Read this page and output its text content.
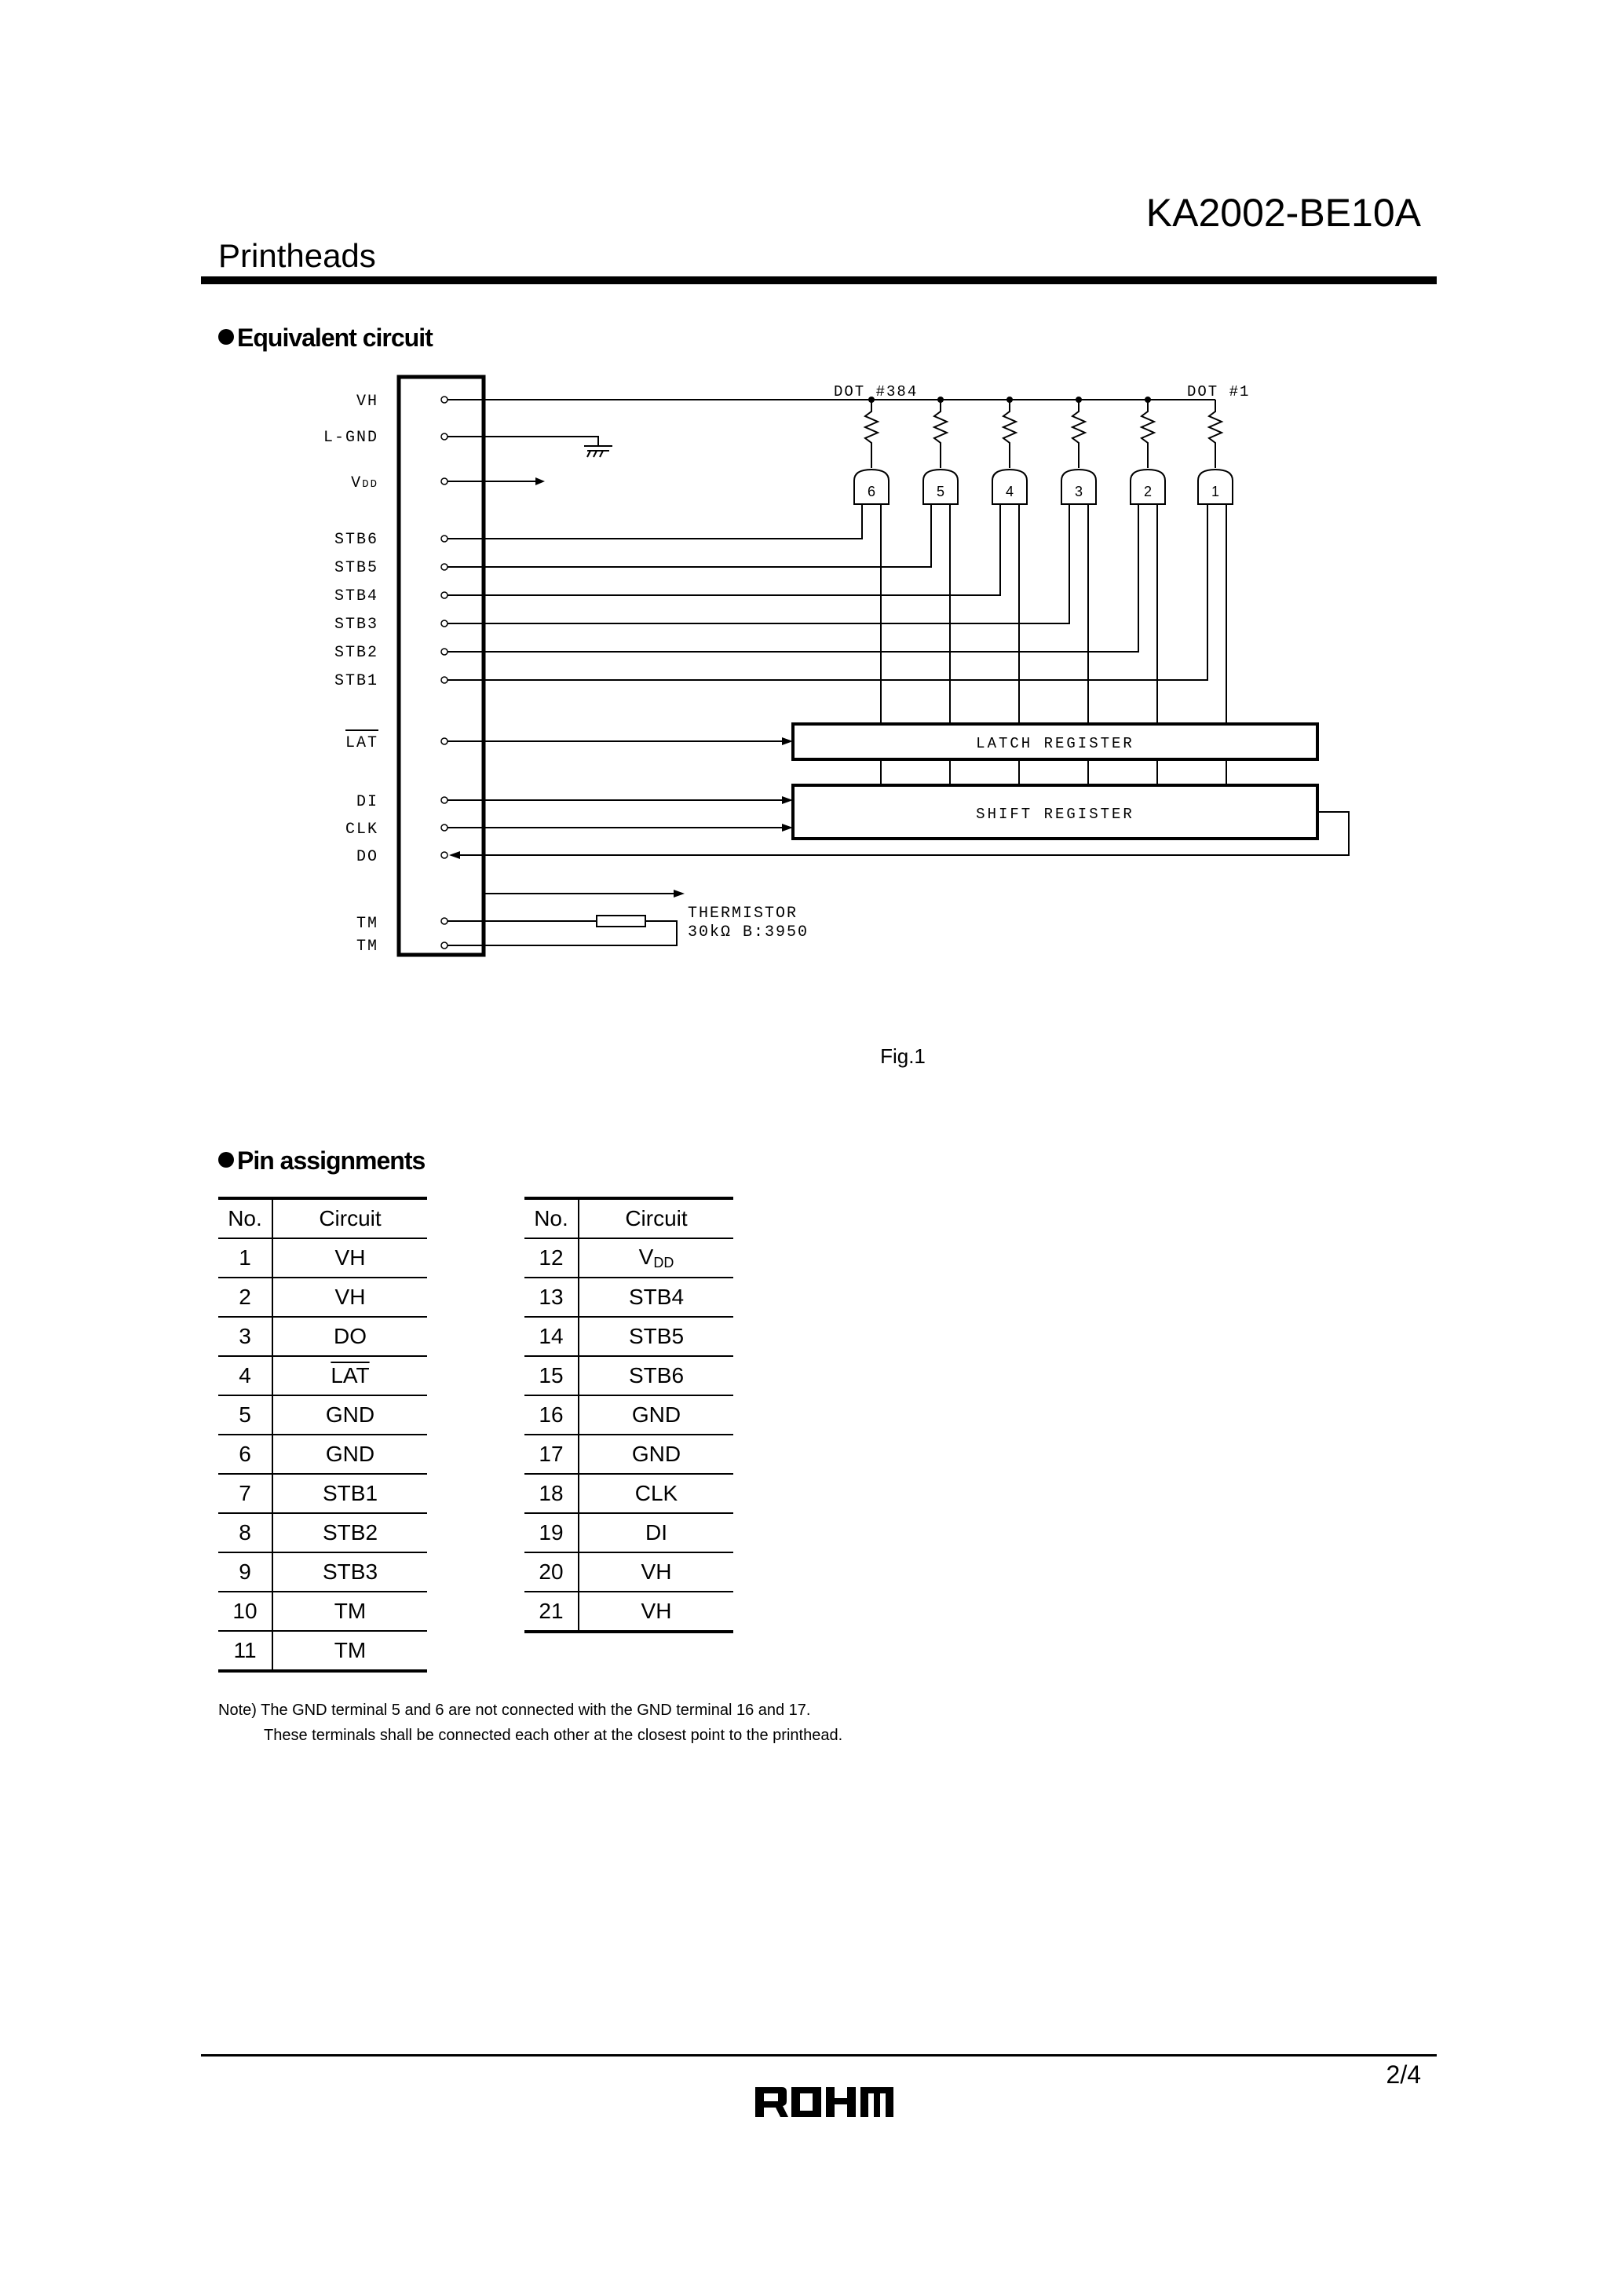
KA2002-BE10A
Printheads
Equivalent circuit
VH
L-GND
VDD
STB6
STB5
STB4
STB3
STB2
STB1
LAT
DI
CLK
DO
TM
TM
6	5	4	3	2	1
DOT #384	DOT #1
LATCH REGISTER
SHIFT REGISTER
THERMISTOR
30kΩ B:3950
Fig.1
Pin assignments
No.	Circuit
1	VH
2	VH
3	DO
4	$\overline{LAT}$
5	GND
6	GND
7	STB1
8	STB2
9	STB3
10	TM
11	TM
No.	Circuit
12	VDD
13	STB4
14	STB5
15	STB6
16	GND
17	GND
18	CLK
19	DI
20	VH
21	VH
Note) The GND terminal 5 and 6 are not connected with the GND terminal 16 and 17.
These terminals shall be connected each other at the closest point to the printhead.
2/4
